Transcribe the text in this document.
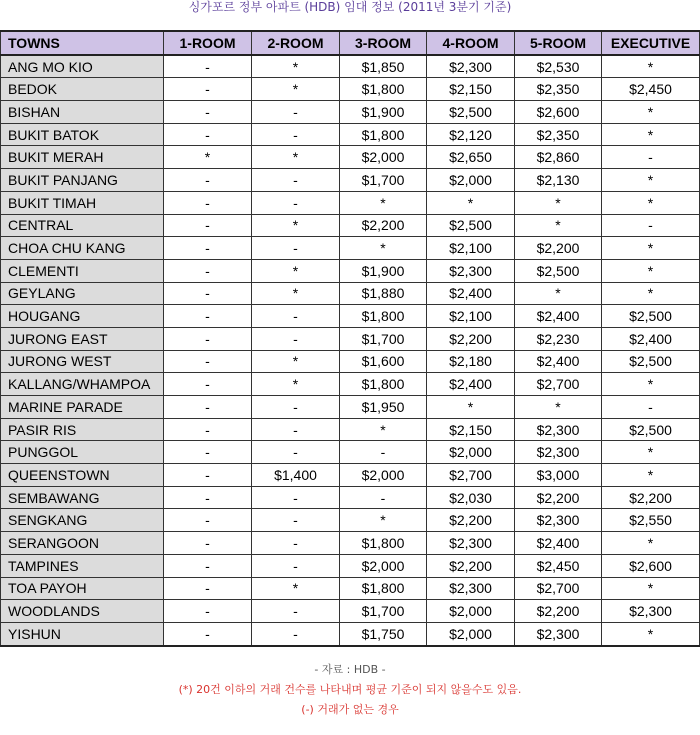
싱가포르 정부 아파트 (HDB) 임대 정보 (2011년 3분기 기준)
TOWNS	1-ROOM	2-ROOM	3-ROOM	4-ROOM	5-ROOM	EXECUTIVE
ANG MO KIO	-	*	$1,850	$2,300	$2,530	*
BEDOK	-	*	$1,800	$2,150	$2,350	$2,450
BISHAN	-	-	$1,900	$2,500	$2,600	*
BUKIT BATOK	-	-	$1,800	$2,120	$2,350	*
BUKIT MERAH	*	*	$2,000	$2,650	$2,860	-
BUKIT PANJANG	-	-	$1,700	$2,000	$2,130	*
BUKIT TIMAH	-	-	*	*	*	*
CENTRAL	-	*	$2,200	$2,500	*	-
CHOA CHU KANG	-	-	*	$2,100	$2,200	*
CLEMENTI	-	*	$1,900	$2,300	$2,500	*
GEYLANG	-	*	$1,880	$2,400	*	*
HOUGANG	-	-	$1,800	$2,100	$2,400	$2,500
JURONG EAST	-	-	$1,700	$2,200	$2,230	$2,400
JURONG WEST	-	*	$1,600	$2,180	$2,400	$2,500
KALLANG/WHAMPOA	-	*	$1,800	$2,400	$2,700	*
MARINE PARADE	-	-	$1,950	*	*	-
PASIR RIS	-	-	*	$2,150	$2,300	$2,500
PUNGGOL	-	-	-	$2,000	$2,300	*
QUEENSTOWN	-	$1,400	$2,000	$2,700	$3,000	*
SEMBAWANG	-	-	-	$2,030	$2,200	$2,200
SENGKANG	-	-	*	$2,200	$2,300	$2,550
SERANGOON	-	-	$1,800	$2,300	$2,400	*
TAMPINES	-	-	$2,000	$2,200	$2,450	$2,600
TOA PAYOH	-	*	$1,800	$2,300	$2,700	*
WOODLANDS	-	-	$1,700	$2,000	$2,200	$2,300
YISHUN	-	-	$1,750	$2,000	$2,300	*
- 자료 : HDB -
(*) 20건 이하의 거래 건수를 나타내며 평균 기준이 되지 않을수도 있음.
(-) 거래가 없는 경우
